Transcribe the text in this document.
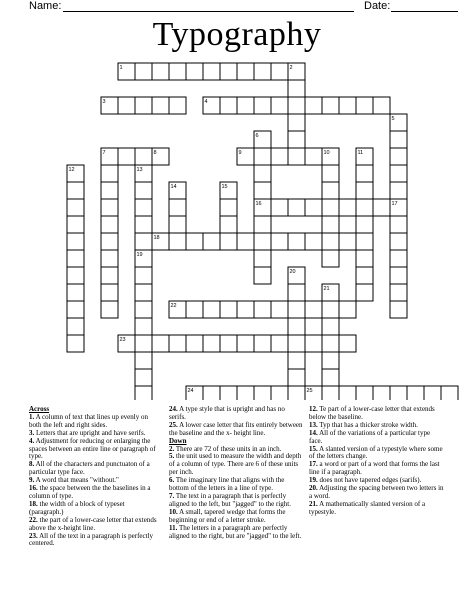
Name:	Date:
Typography
1	2
3	4
5
6
7	8	9	10	11
12	13
14	15
16	17
18
19
20
21
22
23
24	25

Across

1. A column of text that lines up evenly on both the left and right sides.

3. Letters that are upright and have serifs.

4. Adjustment for reducing or enlarging the spaces between an entire line or paragraph of type.

8. All of the characters and punctuaton of a particular type face.

9. A word that means "without."

16. the space between the the baselines in a column of type.

18. the width of a block of typeset (paragraph.)

22. the part of a lower-case letter that extends above the x-height line.

23. All of the text in a paragraph is perfectly centered.

24. A type style that is upright and has no serifs.

25. A lower case letter that fits entirely between the baseline and the x- height line.

Down

2. There are 72 of these units in an inch.

5. the unit used to measure the width and depth of a column of type. There are 6 of these units per inch.

6. The imaginary line that aligns with the bottom of the letters in a line of type.

7. The text in a paragraph that is perfectly aligned to the left, but "jagged" to the right.

10. A small, tapered wedge that forms the beginning or end of a letter stroke.

11. The letters in a paragraph are perfectly aligned to the right, but are "jagged" to the left.

12. Te part of a lower-case letter that extends below the baseline.

13. Typ that has a thicker stroke width.

14. All of the variations of a particular type face.

15. A slanted version of a typestyle where some of the letters change.

17. a word or part of a word that forms the last line if a paragraph.

19. does not have tapered edges (sarifs).

20. Adjusting the spacing between two letters in a word.

21. A mathematically slanted version of a typestyle.
